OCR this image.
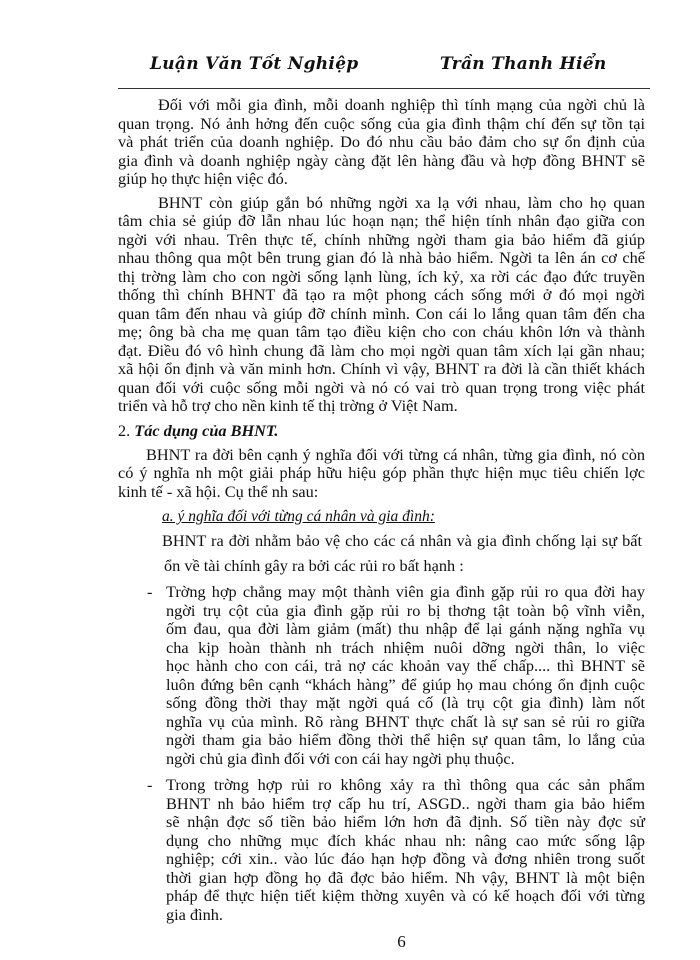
Luận Văn Tốt Nghiệp	Trần Thanh Hiển
Đối với mỗi gia đình, mỗi doanh nghiệp thì tính mạng của ngời chủ là
quan trọng. Nó ảnh hởng đến cuộc sống của gia đình thậm chí đến sự tồn tại
và phát triển của doanh nghiệp. Do đó nhu cầu bảo đảm cho sự ổn định của
gia đình và doanh nghiệp ngày càng đặt lên hàng đầu và hợp đồng BHNT sẽ
giúp họ thực hiện việc đó.
BHNT còn giúp gắn bó những ngời xa lạ với nhau, làm cho họ quan
tâm chia sẻ giúp đỡ lẫn nhau lúc hoạn nạn; thể hiện tính nhân đạo giữa con
ngời với nhau. Trên thực tế, chính những ngời tham gia bảo hiểm đã giúp
nhau thông qua một bên trung gian đó là nhà bảo hiểm. Ngời ta lên án cơ chế
thị trờng làm cho con ngời sống lạnh lùng, ích kỷ, xa rời các đạo đức truyền
thống thì chính BHNT đã tạo ra một phong cách sống mới ở đó mọi ngời
quan tâm đến nhau và giúp đỡ chính mình. Con cái lo lắng quan tâm đến cha
mẹ; ông bà cha mẹ quan tâm tạo điều kiện cho con cháu khôn lớn và thành
đạt. Điều đó vô hình chung đã làm cho mọi ngời quan tâm xích lại gần nhau;
xã hội ổn định và văn minh hơn. Chính vì vậy, BHNT ra đời là cần thiết khách
quan đối với cuộc sống mỗi ngời và nó có vai trò quan trọng trong việc phát
triển và hỗ trợ cho nền kinh tế thị trờng ở Việt Nam.
2. Tác dụng của BHNT.
BHNT ra đời bên cạnh ý nghĩa đối với từng cá nhân, từng gia đình, nó còn
có ý nghĩa nh một giải pháp hữu hiệu góp phần thực hiện mục tiêu chiến lợc
kinh tế - xã hội. Cụ thể nh sau:
a. ý nghĩa đối với từng cá nhân và gia đình:
BHNT ra đời nhằm bảo vệ cho các cá nhân và gia đình chống lại sự bất
ổn về tài chính gây ra bởi các rủi ro bất hạnh :
- Trờng hợp chẳng may một thành viên gia đình gặp rủi ro qua đời hay
ngời trụ cột của gia đình gặp rủi ro bị thơng tật toàn bộ vĩnh viễn,
ốm đau, qua đời làm giảm (mất) thu nhập để lại gánh nặng nghĩa vụ
cha kịp hoàn thành nh trách nhiệm nuôi dỡng ngời thân, lo việc
học hành cho con cái, trả nợ các khoản vay thế chấp.... thì BHNT sẽ
luôn đứng bên cạnh “khách hàng” để giúp họ mau chóng ổn định cuộc
sống đồng thời thay mặt ngời quá cố (là trụ cột gia đình) làm nốt
nghĩa vụ của mình. Rõ ràng BHNT thực chất là sự san sẻ rủi ro giữa
ngời tham gia bảo hiểm đồng thời thể hiện sự quan tâm, lo lắng của
ngời chủ gia đình đối với con cái hay ngời phụ thuộc.
- Trong trờng hợp rủi ro không xảy ra thì thông qua các sản phẩm
BHNT nh bảo hiểm trợ cấp hu trí, ASGD.. ngời tham gia bảo hiểm
sẽ nhận đợc số tiền bảo hiểm lớn hơn đã định. Số tiền này đợc sử
dụng cho những mục đích khác nhau nh: nâng cao mức sống lập
nghiệp; cới xin.. vào lúc đáo hạn hợp đồng và đơng nhiên trong suốt
thời gian hợp đồng họ đã đợc bảo hiểm. Nh vậy, BHNT là một biện
pháp để thực hiện tiết kiệm thờng xuyên và có kế hoạch đối với từng
gia đình.
6
